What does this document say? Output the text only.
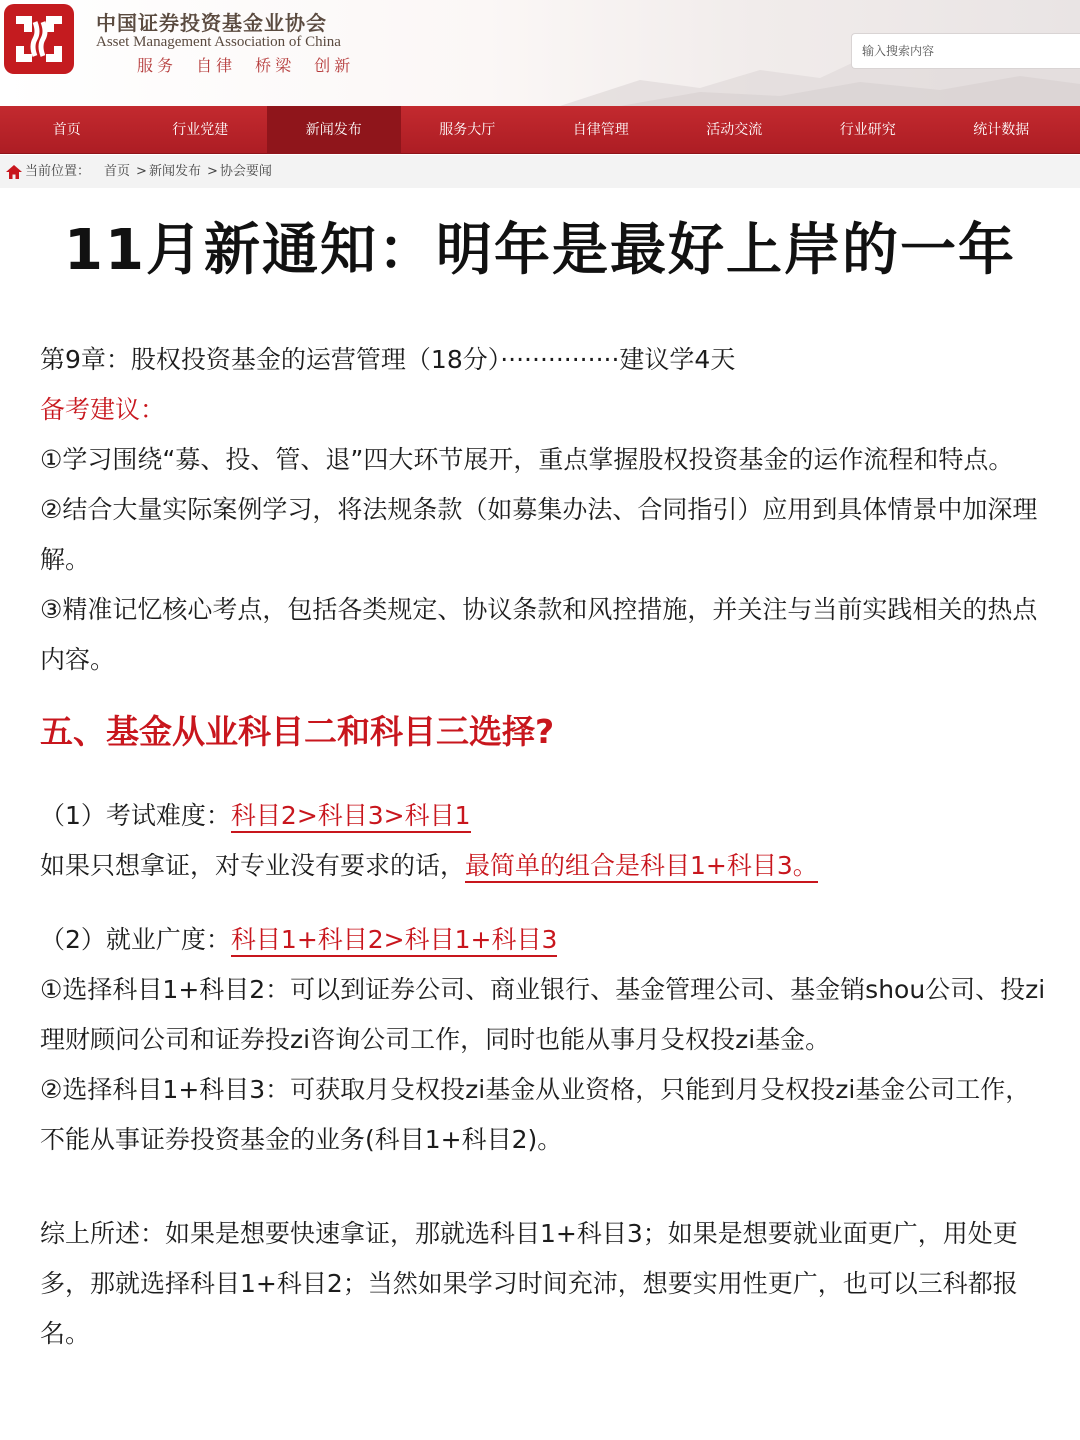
中国证券投资基金业协会
Asset Management Association of China
服务 自律 桥梁 创新
输入搜索内容
首页	行业党建	新闻发布	服务大厅	自律管理	活动交流	行业研究	统计数据
当前位置： 首页 > 新闻发布 > 协会要闻
11月新通知：明年是最好上岸的一年

第9章：股权投资基金的运营管理（18分）···············建议学4天

备考建议：

①学习围绕“募、投、管、退”四大环节展开，重点掌握股权投资基金的运作流程和特点。

②结合大量实际案例学习，将法规条款（如募集办法、合同指引）应用到具体情景中加深理解。

③精准记忆核心考点，包括各类规定、协议条款和风控措施，并关注与当前实践相关的热点内容。

五、基金从业科目二和科目三选择?

（1）考试难度：科目2>科目3>科目1

如果只想拿证，对专业没有要求的话，最简单的组合是科目1+科目3。

（2）就业广度：科目1+科目2>科目1+科目3

①选择科目1+科目2：可以到证券公司、商业银行、基金管理公司、基金销shou公司、投zi理财顾问公司和证券投zi咨询公司工作，同时也能从事月殳权投zi基金。

②选择科目1+科目3：可获取月殳权投zi基金从业资格，只能到月殳权投zi基金公司工作，不能从事证券投资基金的业务(科目1+科目2)。

综上所述：如果是想要快速拿证，那就选科目1+科目3；如果是想要就业面更广，用处更多，那就选择科目1+科目2；当然如果学习时间充沛，想要实用性更广，也可以三科都报名。
